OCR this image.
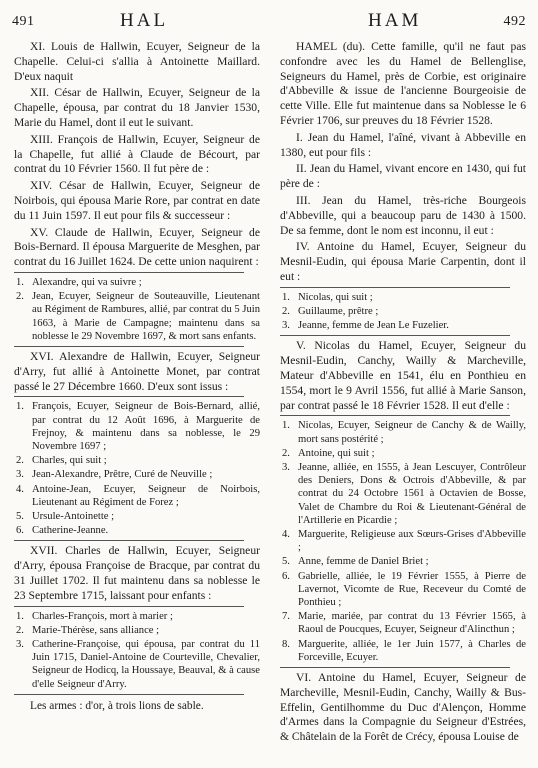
491	HAL	HAM	492

XI. Louis de Hallwin, Ecuyer, Seigneur de la Chapelle. Celui-ci s'allia à Antoinette Maillard. D'eux naquit

XII. César de Hallwin, Ecuyer, Seigneur de la Chapelle, épousa, par contrat du 18 Janvier 1530, Marie du Hamel, dont il eut le suivant.

XIII. François de Hallwin, Ecuyer, Seigneur de la Chapelle, fut allié à Claude de Bécourt, par contrat du 10 Février 1560. Il fut père de :

XIV. César de Hallwin, Ecuyer, Seigneur de Noirbois, qui épousa Marie Rore, par contrat en date du 11 Juin 1597. Il eut pour fils & successeur :

XV. Claude de Hallwin, Ecuyer, Seigneur de Bois-Bernard. Il épousa Marguerite de Mesghen, par contrat du 16 Juillet 1624. De cette union naquirent :

1. Alexandre, qui va suivre ;
2. Jean, Ecuyer, Seigneur de Souteauville, Lieutenant au Régiment de Rambures, allié, par contrat du 5 Juin 1663, à Marie de Campagne; maintenu dans sa noblesse le 29 Novembre 1697, & mort sans enfants.

XVI. Alexandre de Hallwin, Ecuyer, Seigneur d'Arry, fut allié à Antoinette Monet, par contrat passé le 27 Décembre 1660. D'eux sont issus :

1. François, Ecuyer, Seigneur de Bois-Bernard, allié, par contrat du 12 Août 1696, à Marguerite de Frejnoy, & maintenu dans sa noblesse, le 29 Novembre 1697 ;
2. Charles, qui suit ;
3. Jean-Alexandre, Prêtre, Curé de Neuville ;
4. Antoine-Jean, Ecuyer, Seigneur de Noirbois, Lieutenant au Régiment de Forez ;
5. Ursule-Antoinette ;
6. Catherine-Jeanne.

XVII. Charles de Hallwin, Ecuyer, Seigneur d'Arry, épousa Françoise de Bracque, par contrat du 31 Juillet 1702. Il fut maintenu dans sa noblesse le 23 Septembre 1715, laissant pour enfants :

1. Charles-François, mort à marier ;
2. Marie-Thérèse, sans alliance ;
3. Catherine-Françoise, qui épousa, par contrat du 11 Juin 1715, Daniel-Antoine de Courteville, Chevalier, Seigneur de Hodicq, la Houssaye, Beauval, & à cause d'elle Seigneur d'Arry.

Les armes : d'or, à trois lions de sable.

HAMEL (du). Cette famille, qu'il ne faut pas confondre avec les du Hamel de Bellenglise, Seigneurs du Hamel, près de Corbie, est originaire d'Abbeville & issue de l'ancienne Bourgeoisie de cette Ville. Elle fut maintenue dans sa Noblesse le 6 Février 1706, sur preuves du 18 Février 1528.

I. Jean du Hamel, l'aîné, vivant à Abbeville en 1380, eut pour fils :

II. Jean du Hamel, vivant encore en 1430, qui fut père de :

III. Jean du Hamel, très-riche Bourgeois d'Abbeville, qui a beaucoup paru de 1430 à 1500. De sa femme, dont le nom est inconnu, il eut :

IV. Antoine du Hamel, Ecuyer, Seigneur du Mesnil-Eudin, qui épousa Marie Carpentin, dont il eut :

1. Nicolas, qui suit ;
2. Guillaume, prêtre ;
3. Jeanne, femme de Jean Le Fuzelier.

V. Nicolas du Hamel, Ecuyer, Seigneur du Mesnil-Eudin, Canchy, Wailly & Marcheville, Mateur d'Abbeville en 1541, élu en Ponthieu en 1554, mort le 9 Avril 1556, fut allié à Marie Sanson, par contrat passé le 18 Février 1528. Il eut d'elle :

1. Nicolas, Ecuyer, Seigneur de Canchy & de Wailly, mort sans postérité ;
2. Antoine, qui suit ;
3. Jeanne, alliée, en 1555, à Jean Lescuyer, Contrôleur des Deniers, Dons & Octrois d'Abbeville, & par contrat du 24 Octobre 1561 à Octavien de Bosse, Valet de Chambre du Roi & Lieutenant-Général de l'Artillerie en Picardie ;
4. Marguerite, Religieuse aux Sœurs-Grises d'Abbeville ;
5. Anne, femme de Daniel Briet ;
6. Gabrielle, alliée, le 19 Février 1555, à Pierre de Lavernot, Vicomte de Rue, Receveur du Comté de Ponthieu ;
7. Marie, mariée, par contrat du 13 Février 1565, à Raoul de Poucques, Ecuyer, Seigneur d'Alincthun ;
8. Marguerite, alliée, le 1er Juin 1577, à Charles de Forceville, Ecuyer.

VI. Antoine du Hamel, Ecuyer, Seigneur de Marcheville, Mesnil-Eudin, Canchy, Wailly & Bus-Effelin, Gentilhomme du Duc d'Alençon, Homme d'Armes dans la Compagnie du Seigneur d'Estrées, & Châtelain de la Forêt de Crécy, épousa Louise de
